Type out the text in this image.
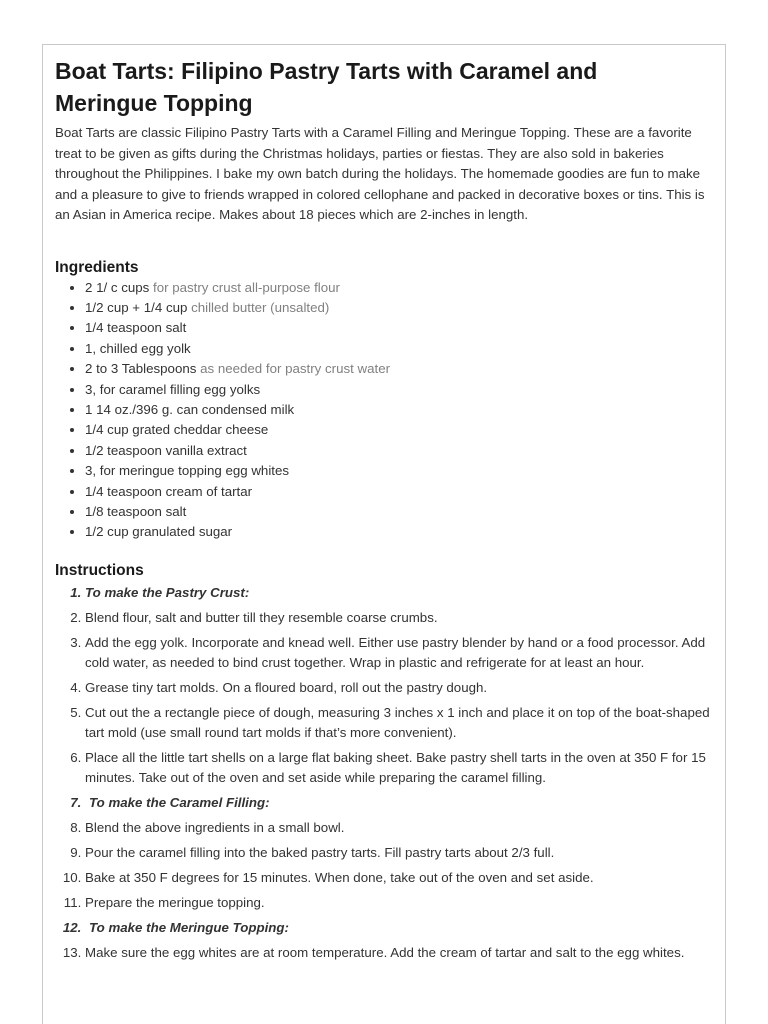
Boat Tarts: Filipino Pastry Tarts with Caramel and Meringue Topping

Boat Tarts are classic Filipino Pastry Tarts with a Caramel Filling and Meringue Topping. These are a favorite treat to be given as gifts during the Christmas holidays, parties or fiestas. They are also sold in bakeries throughout the Philippines. I bake my own batch during the holidays. The homemade goodies are fun to make and a pleasure to give to friends wrapped in colored cellophane and packed in decorative boxes or tins. This is an Asian in America recipe. Makes about 18 pieces which are 2-inches in length.

Ingredients
• 2 1/ c cups for pastry crust all-purpose flour
• 1/2 cup + 1/4 cup chilled butter (unsalted)
• 1/4 teaspoon salt
• 1, chilled egg yolk
• 2 to 3 Tablespoons as needed for pastry crust water
• 3, for caramel filling egg yolks
• 1 14 oz./396 g. can condensed milk
• 1/4 cup grated cheddar cheese
• 1/2 teaspoon vanilla extract
• 3, for meringue topping egg whites
• 1/4 teaspoon cream of tartar
• 1/8 teaspoon salt
• 1/2 cup granulated sugar
Instructions
1. To make the Pastry Crust:
2. Blend flour, salt and butter till they resemble coarse crumbs.
3. Add the egg yolk. Incorporate and knead well. Either use pastry blender by hand or a food processor. Add cold water, as needed to bind crust together. Wrap in plastic and refrigerate for at least an hour.
4. Grease tiny tart molds. On a floured board, roll out the pastry dough.
5. Cut out the a rectangle piece of dough, measuring 3 inches x 1 inch and place it on top of the boat-shaped tart mold (use small round tart molds if that’s more convenient).
6. Place all the little tart shells on a large flat baking sheet. Bake pastry shell tarts in the oven at 350 F for 15 minutes. Take out of the oven and set aside while preparing the caramel filling.
7. To make the Caramel Filling:
8. Blend the above ingredients in a small bowl.
9. Pour the caramel filling into the baked pastry tarts. Fill pastry tarts about 2/3 full.
10. Bake at 350 F degrees for 15 minutes. When done, take out of the oven and set aside.
11. Prepare the meringue topping.
12. To make the Meringue Topping:
13. Make sure the egg whites are at room temperature. Add the cream of tartar and salt to the egg whites.
